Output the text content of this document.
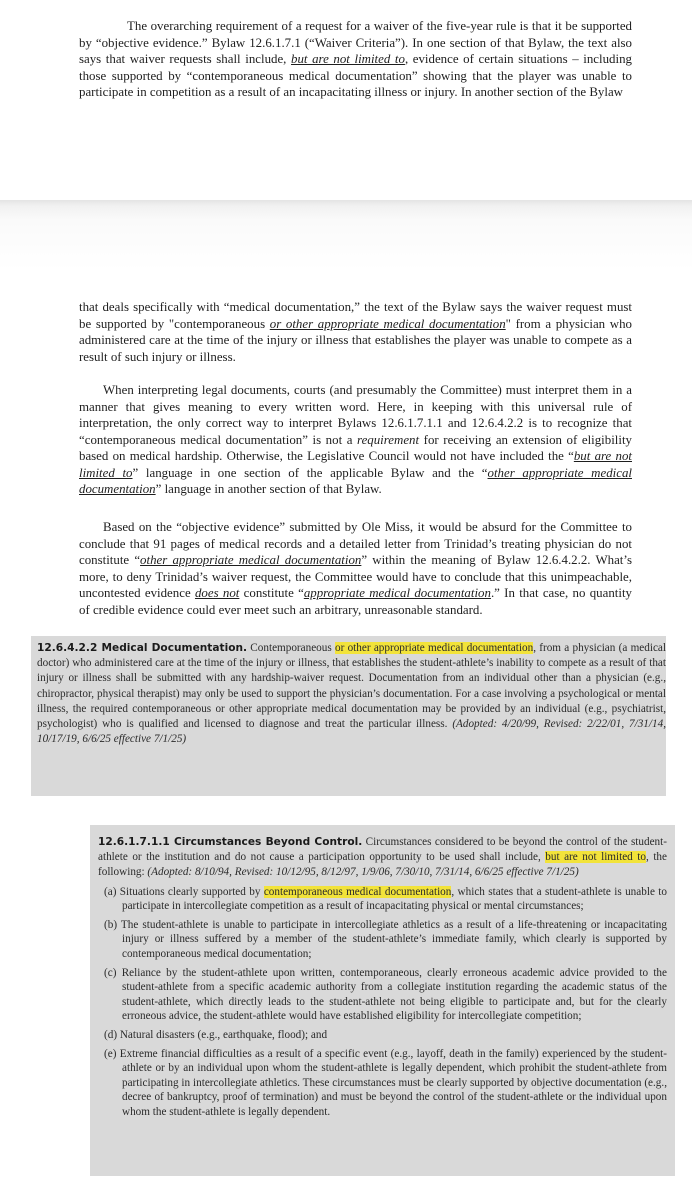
The overarching requirement of a request for a waiver of the five-year rule is that it be supported by “objective evidence.” Bylaw 12.6.1.7.1 (“Waiver Criteria”). In one section of that Bylaw, the text also says that waiver requests shall include, but are not limited to, evidence of certain situations – including those supported by “contemporaneous medical documentation” showing that the player was unable to participate in competition as a result of an incapacitating illness or injury. In another section of the Bylaw

that deals specifically with “medical documentation,” the text of the Bylaw says the waiver request must be supported by "contemporaneous or other appropriate medical documentation" from a physician who administered care at the time of the injury or illness that establishes the player was unable to compete as a result of such injury or illness.

When interpreting legal documents, courts (and presumably the Committee) must interpret them in a manner that gives meaning to every written word. Here, in keeping with this universal rule of interpretation, the only correct way to interpret Bylaws 12.6.1.7.1.1 and 12.6.4.2.2 is to recognize that “contemporaneous medical documentation” is not a requirement for receiving an extension of eligibility based on medical hardship. Otherwise, the Legislative Council would not have included the “but are not limited to” language in one section of the applicable Bylaw and the “other appropriate medical documentation” language in another section of that Bylaw.

Based on the “objective evidence” submitted by Ole Miss, it would be absurd for the Committee to conclude that 91 pages of medical records and a detailed letter from Trinidad’s treating physician do not constitute “other appropriate medical documentation” within the meaning of Bylaw 12.6.4.2.2. What’s more, to deny Trinidad’s waiver request, the Committee would have to conclude that this unimpeachable, uncontested evidence does not constitute “appropriate medical documentation.” In that case, no quantity of credible evidence could ever meet such an arbitrary, unreasonable standard.

12.6.4.2.2 Medical Documentation. Contemporaneous or other appropriate medical documentation, from a physician (a medical doctor) who administered care at the time of the injury or illness, that establishes the student-athlete’s inability to compete as a result of that injury or illness shall be submitted with any hardship-waiver request. Documentation from an individual other than a physician (e.g., chiropractor, physical therapist) may only be used to support the physician’s documentation. For a case involving a psychological or mental illness, the required contemporaneous or other appropriate medical documentation may be provided by an individual (e.g., psychiatrist, psychologist) who is qualified and licensed to diagnose and treat the particular illness. (Adopted: 4/20/99, Revised: 2/22/01, 7/31/14, 10/17/19, 6/6/25 effective 7/1/25)

12.6.1.7.1.1 Circumstances Beyond Control. Circumstances considered to be beyond the control of the student-athlete or the institution and do not cause a participation opportunity to be used shall include, but are not limited to, the following: (Adopted: 8/10/94, Revised: 10/12/95, 8/12/97, 1/9/06, 7/30/10, 7/31/14, 6/6/25 effective 7/1/25)

(a) Situations clearly supported by contemporaneous medical documentation, which states that a student-athlete is unable to participate in intercollegiate competition as a result of incapacitating physical or mental circumstances;

(b) The student-athlete is unable to participate in intercollegiate athletics as a result of a life-threatening or incapacitating injury or illness suffered by a member of the student-athlete’s immediate family, which clearly is supported by contemporaneous medical documentation;

(c) Reliance by the student-athlete upon written, contemporaneous, clearly erroneous academic advice provided to the student-athlete from a specific academic authority from a collegiate institution regarding the academic status of the student-athlete, which directly leads to the student-athlete not being eligible to participate and, but for the clearly erroneous advice, the student-athlete would have established eligibility for intercollegiate competition;

(d) Natural disasters (e.g., earthquake, flood); and

(e) Extreme financial difficulties as a result of a specific event (e.g., layoff, death in the family) experienced by the student-athlete or by an individual upon whom the student-athlete is legally dependent, which prohibit the student-athlete from participating in intercollegiate athletics. These circumstances must be clearly supported by objective documentation (e.g., decree of bankruptcy, proof of termination) and must be beyond the control of the student-athlete or the individual upon whom the student-athlete is legally dependent.
